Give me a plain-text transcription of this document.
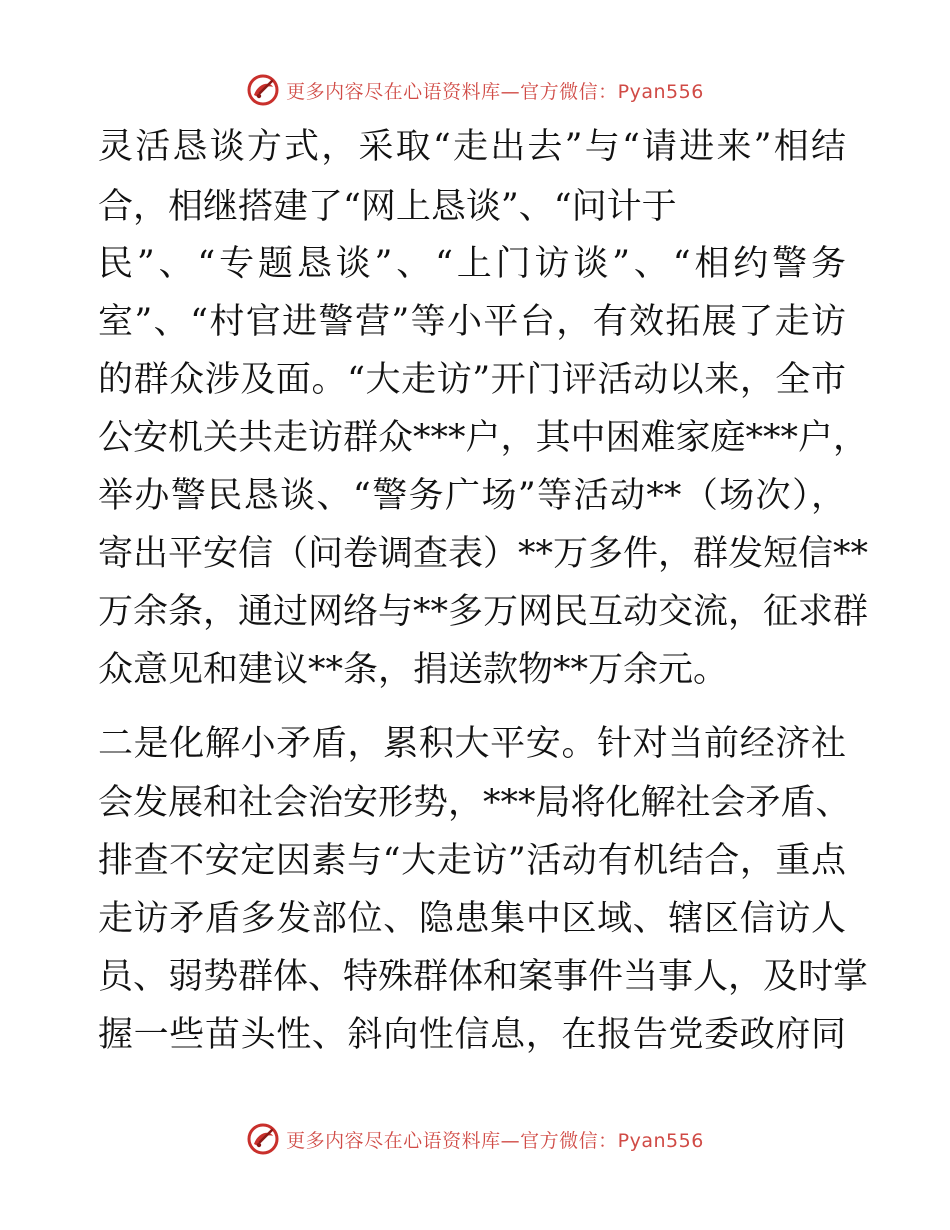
更多内容尽在心语资料库—官方微信：Pyan556
灵活恳谈方式，采取“走出去”与“请进来”相结
合，相继搭建了“网上恳谈”、“问计于
民”、“专题恳谈”、“上门访谈”、“相约警务
室”、“村官进警营”等小平台，有效拓展了走访
的群众涉及面。“大走访”开门评活动以来，全市
公安机关共走访群众***户，其中困难家庭***户，
举办警民恳谈、“警务广场”等活动**（场次），
寄出平安信（问卷调查表）**万多件，群发短信**
万余条，通过网络与**多万网民互动交流，征求群
众意见和建议**条，捐送款物**万余元。
二是化解小矛盾，累积大平安。针对当前经济社
会发展和社会治安形势，***局将化解社会矛盾、
排查不安定因素与“大走访”活动有机结合，重点
走访矛盾多发部位、隐患集中区域、辖区信访人
员、弱势群体、特殊群体和案事件当事人，及时掌
握一些苗头性、斜向性信息，在报告党委政府同
更多内容尽在心语资料库—官方微信：Pyan556
